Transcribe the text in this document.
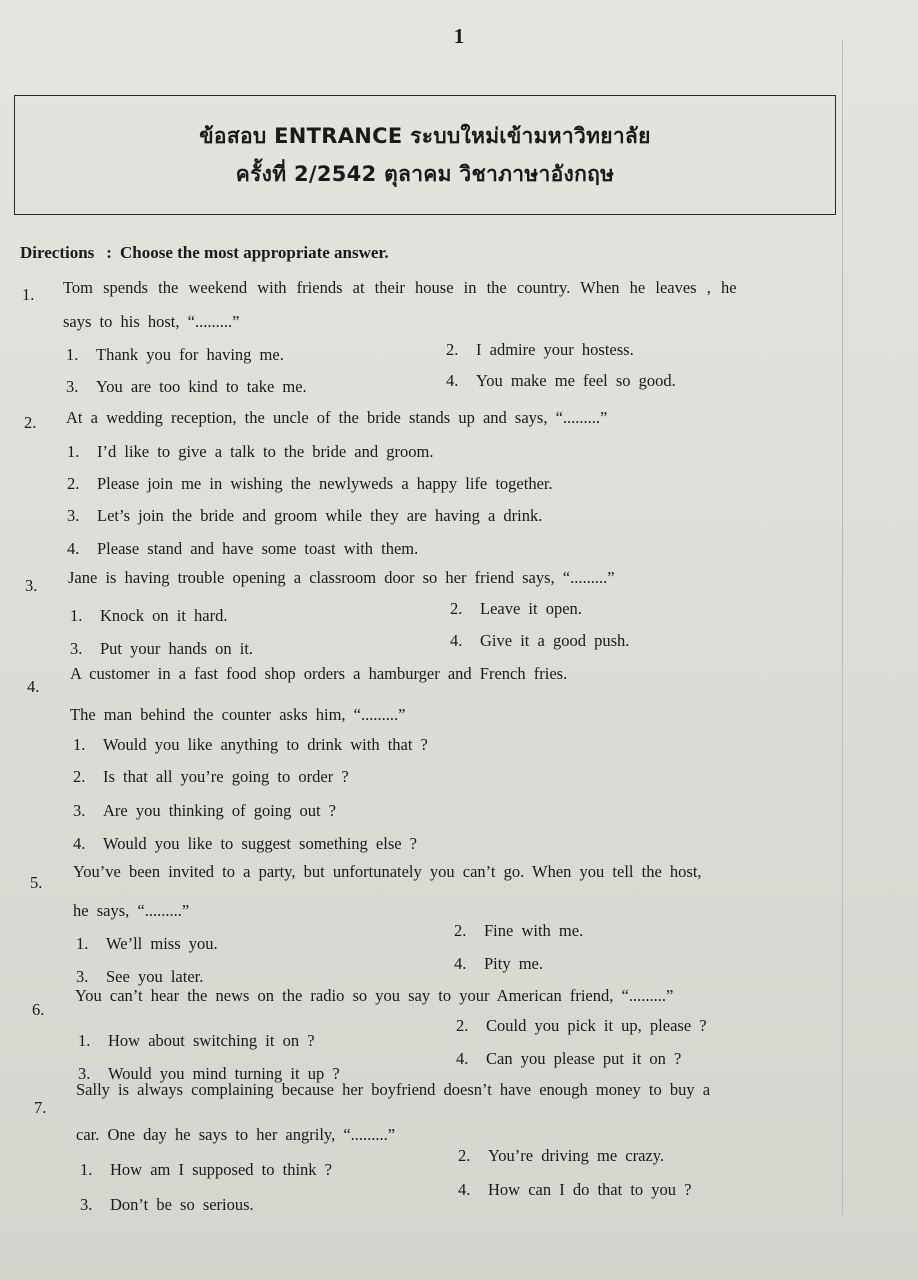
1
ข้อสอบ ENTRANCE ระบบใหม่เข้ามหาวิทยาลัย
ครั้งที่ 2/2542 ตุลาคม วิชาภาษาอังกฤษ
Directions : Choose the most appropriate answer.
1. Tom spends the weekend with friends at their house in the country. When he leaves , he
says to his host, “.........”
1. Thank you for having me.	2. I admire your hostess.
3. You are too kind to take me.	4. You make me feel so good.
2. At a wedding reception, the uncle of the bride stands up and says, “.........”
1. I’d like to give a talk to the bride and groom.
2. Please join me in wishing the newlyweds a happy life together.
3. Let’s join the bride and groom while they are having a drink.
4. Please stand and have some toast with them.
3. Jane is having trouble opening a classroom door so her friend says, “.........”
1. Knock on it hard.	2. Leave it open.
3. Put your hands on it.	4. Give it a good push.
4.
A customer in a fast food shop orders a hamburger and French fries.
The man behind the counter asks him, “.........”
1. Would you like anything to drink with that ?
2. Is that all you’re going to order ?
3. Are you thinking of going out ?
4. Would you like to suggest something else ?
5.
You’ve been invited to a party, but unfortunately you can’t go. When you tell the host,
he says, “.........”
1. We’ll miss you.
2. Fine with me.
3. See you later.
4. Pity me.
6.
You can’t hear the news on the radio so you say to your American friend, “.........”
1. How about switching it on ?
2. Could you pick it up, please ?
3. Would you mind turning it up ?
4. Can you please put it on ?
7.
Sally is always complaining because her boyfriend doesn’t have enough money to buy a
car. One day he says to her angrily, “.........”
1. How am I supposed to think ?
2. You’re driving me crazy.
3. Don’t be so serious.
4. How can I do that to you ?
